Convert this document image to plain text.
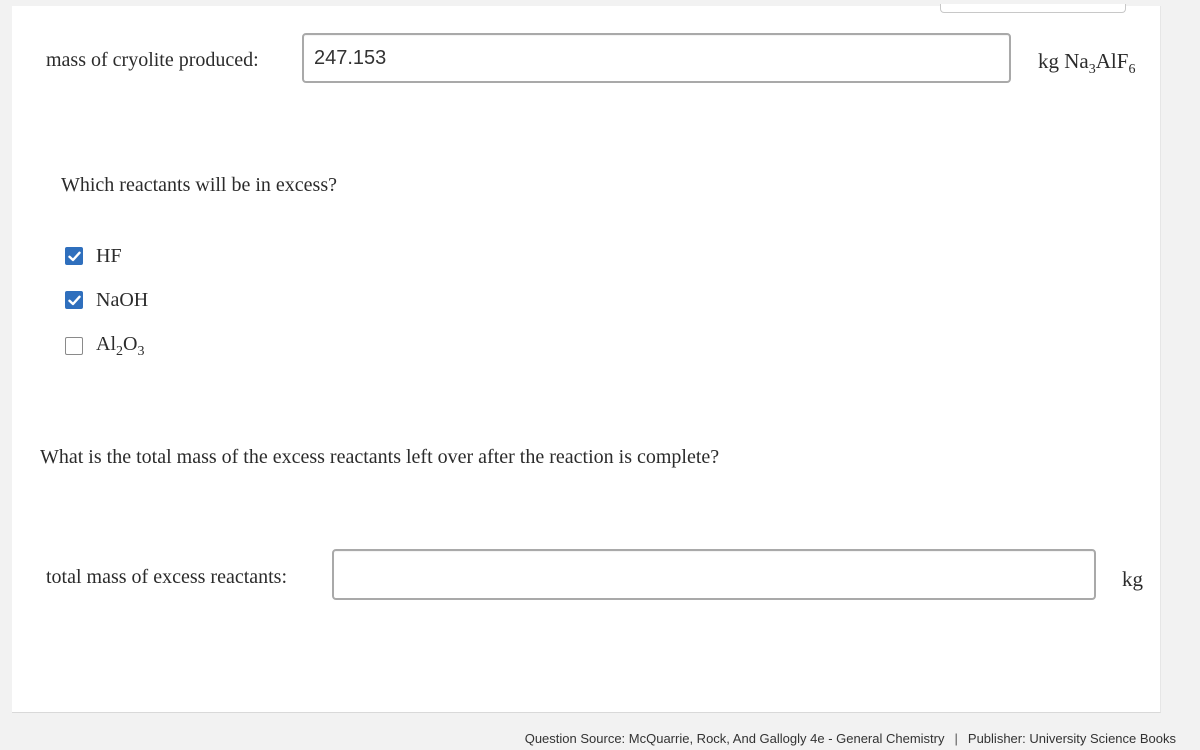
mass of cryolite produced:
247.153	kg $Na_3AlF_6$
Which reactants will be in excess?
HF
NaOH
$Al_2O_3$
What is the total mass of the excess reactants left over after the reaction is complete?
total mass of excess reactants:	kg
Question Source: McQuarrie, Rock, And Gallogly 4e - General Chemistry | Publisher: University Science Books
